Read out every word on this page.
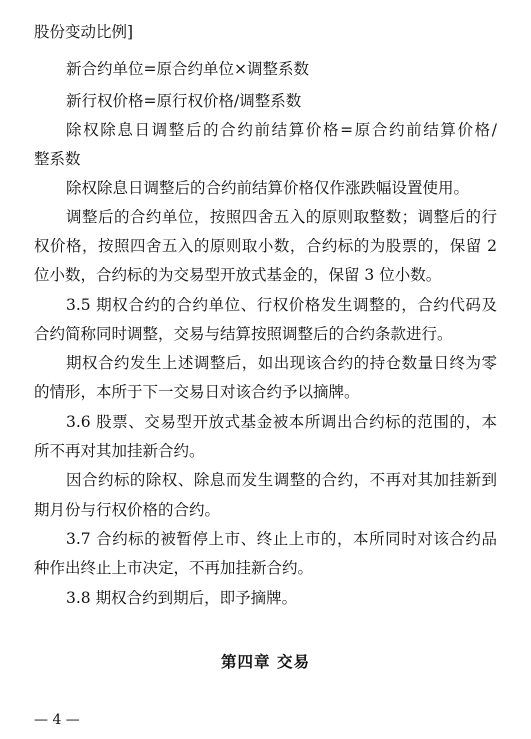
股份变动比例]
新合约单位=原合约单位×调整系数
新行权价格=原行权价格/调整系数
除权除息日调整后的合约前结算价格=原合约前结算价格/
整系数
除权除息日调整后的合约前结算价格仅作涨跌幅设置使用。
调整后的合约单位，按照四舍五入的原则取整数；调整后的行
权价格，按照四舍五入的原则取小数，合约标的为股票的，保留 2
位小数，合约标的为交易型开放式基金的，保留 3 位小数。
3.5 期权合约的合约单位、行权价格发生调整的，合约代码及
合约简称同时调整，交易与结算按照调整后的合约条款进行。
期权合约发生上述调整后，如出现该合约的持仓数量日终为零
的情形，本所于下一交易日对该合约予以摘牌。
3.6 股票、交易型开放式基金被本所调出合约标的范围的，本
所不再对其加挂新合约。
因合约标的除权、除息而发生调整的合约，不再对其加挂新到
期月份与行权价格的合约。
3.7 合约标的被暂停上市、终止上市的，本所同时对该合约品
种作出终止上市决定，不再加挂新合约。
3.8 期权合约到期后，即予摘牌。
第四章 交易
— 4 —
